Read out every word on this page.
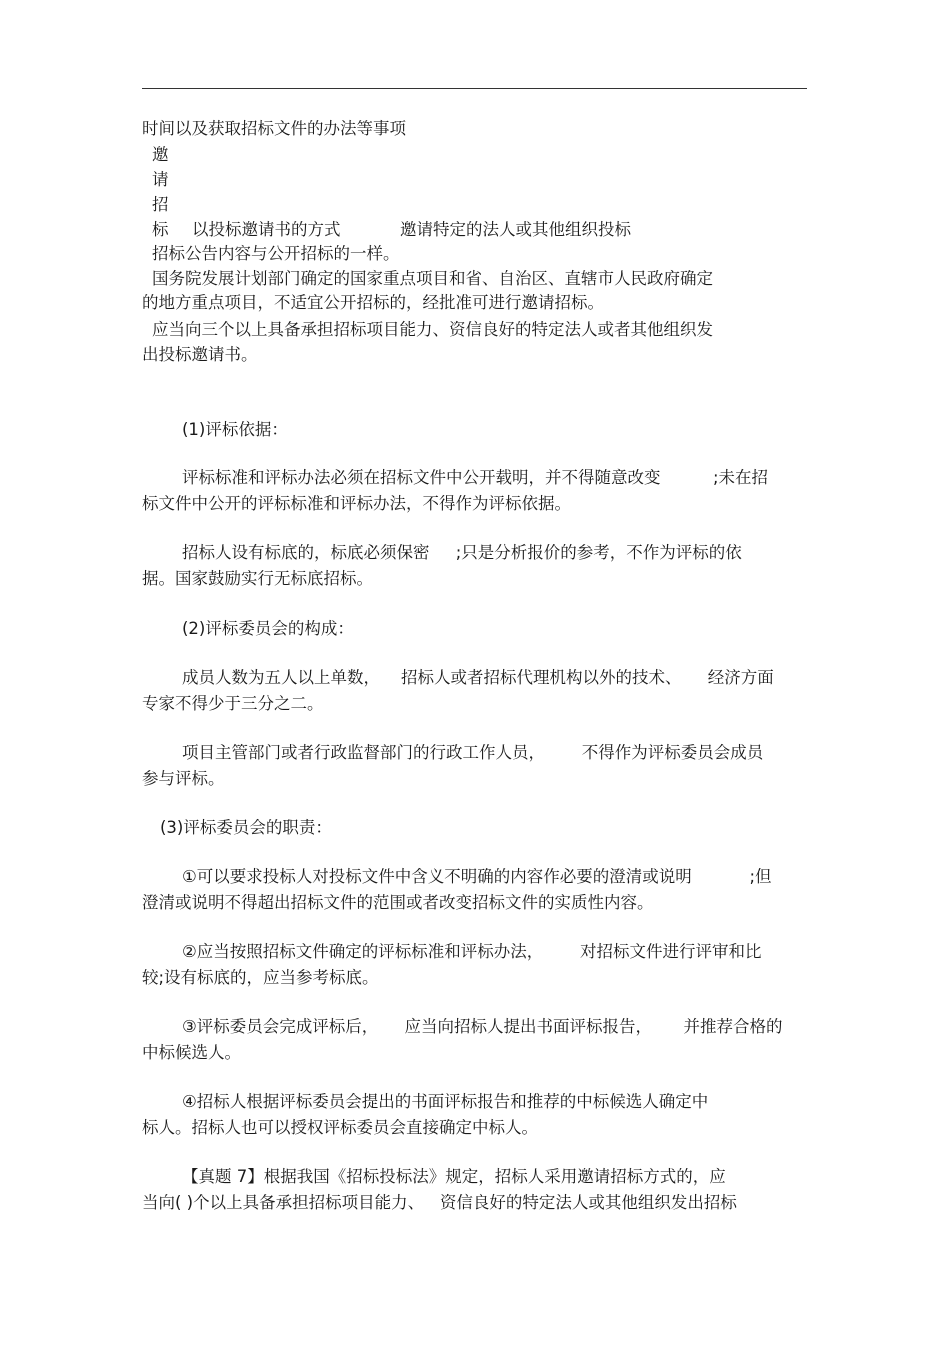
时间以及获取招标文件的办法等事项
邀
请
招
标 以投标邀请书的方式	邀请特定的法人或其他组织投标
招标公告内容与公开招标的一样。
国务院发展计划部门确定的国家重点项目和省、自治区、直辖市人民政府确定
的地方重点项目，不适宜公开招标的，经批准可进行邀请招标。
应当向三个以上具备承担招标项目能力、资信良好的特定法人或者其他组织发
出投标邀请书。
(1)评标依据：
评标标准和评标办法必须在招标文件中公开载明，并不得随意改变          ;未在招
标文件中公开的评标标准和评标办法，不得作为评标依据。
招标人设有标底的，标底必须保密     ;只是分析报价的参考，不作为评标的依
据。国家鼓励实行无标底招标。
(2)评标委员会的构成：
成员人数为五人以上单数，    招标人或者招标代理机构以外的技术、     经济方面
专家不得少于三分之二。
项目主管部门或者行政监督部门的行政工作人员，       不得作为评标委员会成员
参与评标。
(3)评标委员会的职责：
①可以要求投标人对投标文件中含义不明确的内容作必要的澄清或说明           ;但
澄清或说明不得超出招标文件的范围或者改变招标文件的实质性内容。
②应当按照招标文件确定的评标标准和评标办法，       对招标文件进行评审和比
较;设有标底的，应当参考标底。
③评标委员会完成评标后，     应当向招标人提出书面评标报告，      并推荐合格的
中标候选人。
④招标人根据评标委员会提出的书面评标报告和推荐的中标候选人确定中
标人。招标人也可以授权评标委员会直接确定中标人。
【真题 7】根据我国《招标投标法》规定，招标人采用邀请招标方式的，应
当向( )个以上具备承担招标项目能力、   资信良好的特定法人或其他组织发出招标
